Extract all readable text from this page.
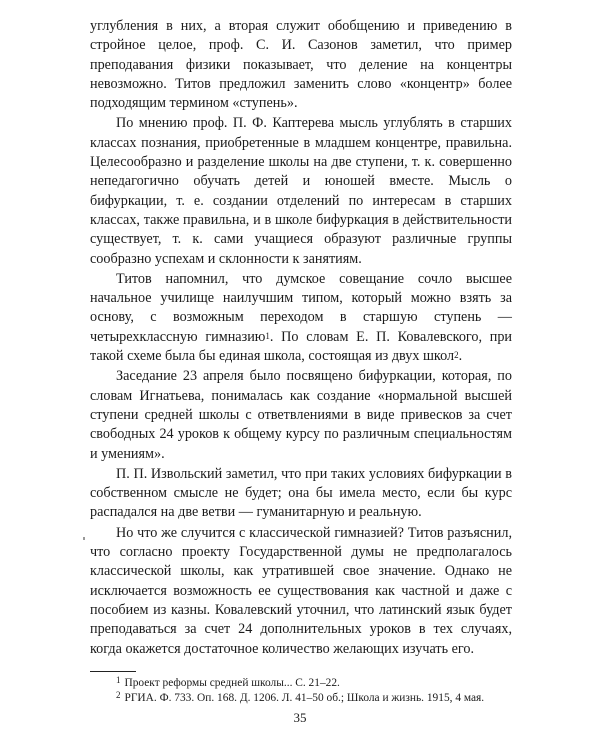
углубления в них, а вторая служит обобщению и приведению в стройное целое, проф. С. И. Сазонов заметил, что пример преподавания физики показывает, что деление на концентры невозможно. Титов предложил заменить слово «концентр» более подходящим термином «ступень».

По мнению проф. П. Ф. Каптерева мысль углублять в старших классах познания, приобретенные в младшем концентре, правильна. Целесообразно и разделение школы на две ступени, т. к. совершенно непедагогично обучать детей и юношей вместе. Мысль о бифуркации, т. е. создании отделений по интересам в старших классах, также правильна, и в школе бифуркация в действительности существует, т. к. сами учащиеся образуют различные группы сообразно успехам и склонности к занятиям.

Титов напомнил, что думское совещание сочло высшее начальное училище наилучшим типом, который можно взять за основу, с возможным переходом в старшую ступень — четырехклассную гимназию$^1$. По словам Е. П. Ковалевского, при такой схеме была бы единая школа, состоящая из двух школ$^2$.

Заседание 23 апреля было посвящено бифуркации, которая, по словам Игнатьева, понималась как создание «нормальной высшей ступени средней школы с ответвлениями в виде привесков за счет свободных 24 уроков к общему курсу по различным специальностям и умениям».

П. П. Извольский заметил, что при таких условиях бифуркации в собственном смысле не будет; она бы имела место, если бы курс распадался на две ветви — гуманитарную и реальную.

Но что же случится с классической гимназией? Титов разъяснил, что согласно проекту Государственной думы не предполагалось классической школы, как утратившей свое значение. Однако не исключается возможность ее существования как частной и даже с пособием из казны. Ковалевский уточнил, что латинский язык будет преподаваться за счет 24 дополнительных уроков в тех случаях, когда окажется достаточное количество желающих изучать его.

$^1$ Проект реформы средней школы... С. 21–22.

$^2$ РГИА. Ф. 733. Оп. 168. Д. 1206. Л. 41–50 об.; Школа и жизнь. 1915, 4 мая.

35
